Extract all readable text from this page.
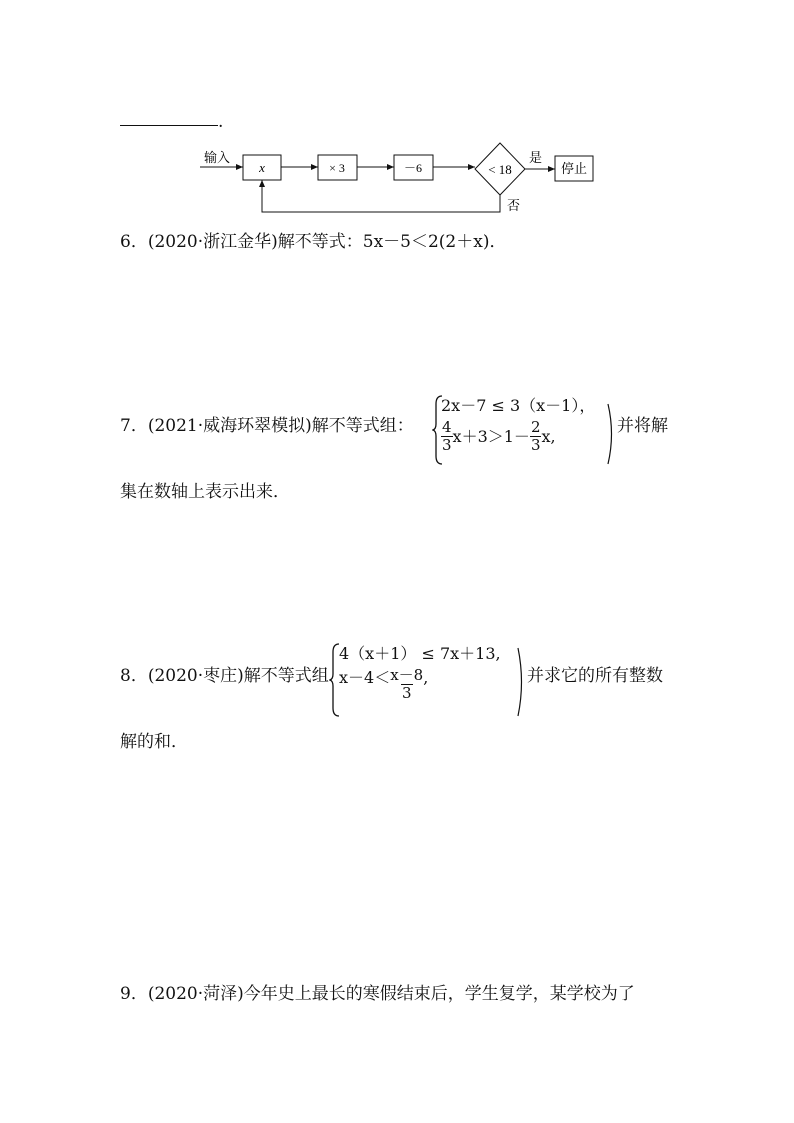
.
输入
x	× 3	－6	< 18
是
停止
否
6．(2020·浙江金华)解不等式：5x－5＜2(2＋x)．
7．(2021·威海环翠模拟)解不等式组：
2x－7 ≤ 3（x－1），
$\frac{4}{3} x+3>1- \frac{2}{3} x$,
并将解
集在数轴上表示出来．
8．(2020·枣庄)解不等式组
4（x＋1） ≤ 7x＋13,
$x-4< \frac{x-8}{3}$ ,	并求它的所有整数
解的和．
9．(2020·菏泽)今年史上最长的寒假结束后，学生复学，某学校为了
